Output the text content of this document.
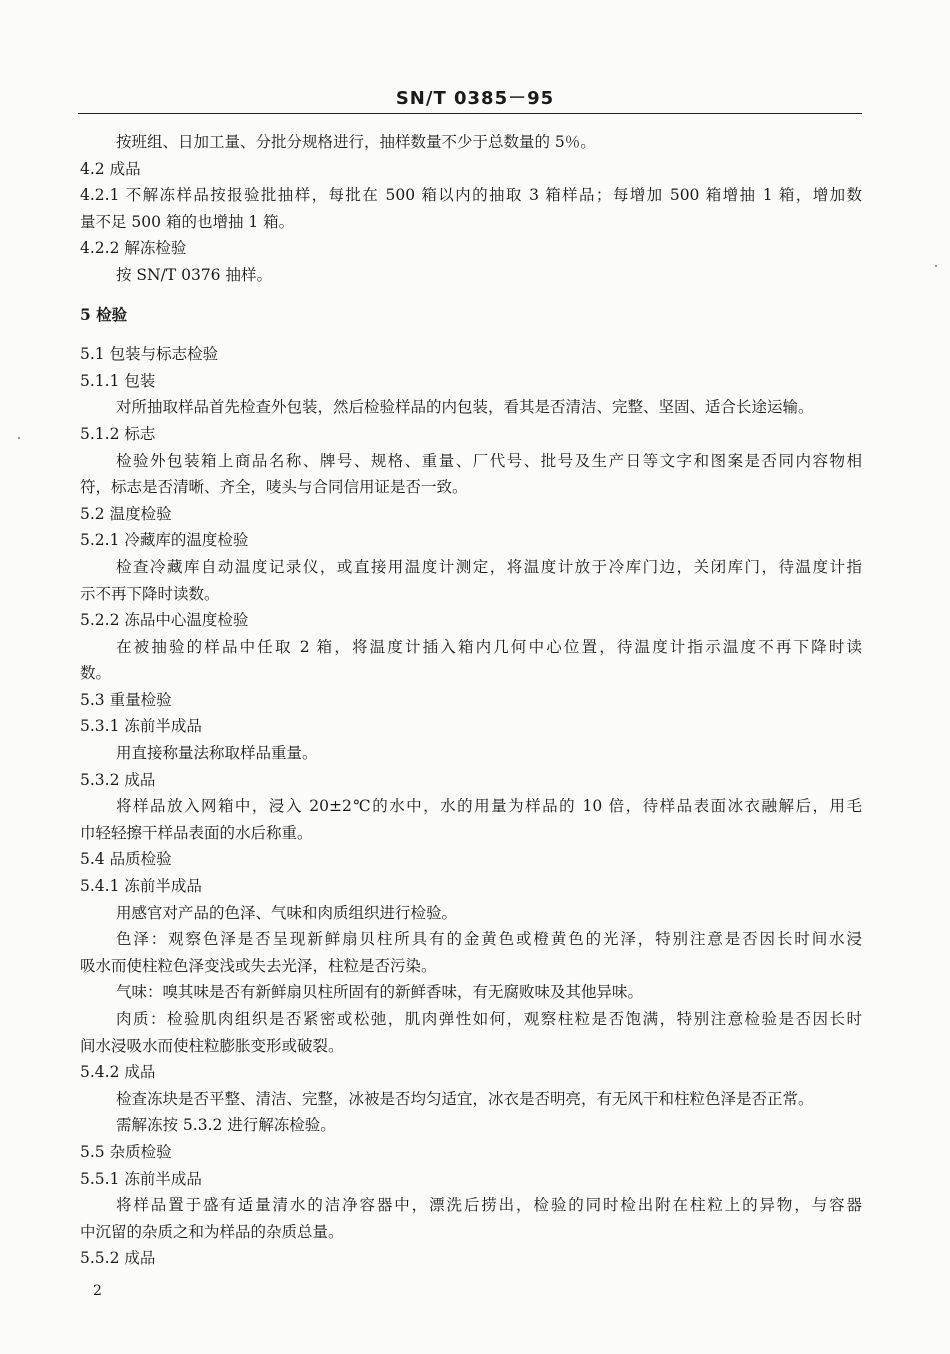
SN/T 0385－95
按班组、日加工量、分批分规格进行，抽样数量不少于总数量的 5％。
4.2 成品
4.2.1 不解冻样品按报验批抽样，每批在 500 箱以内的抽取 3 箱样品；每增加 500 箱增抽 1 箱，增加数
量不足 500 箱的也增抽 1 箱。
4.2.2 解冻检验
按 SN/T 0376 抽样。
5 检验
5.1 包装与标志检验
5.1.1 包装
对所抽取样品首先检查外包装，然后检验样品的内包装，看其是否清洁、完整、坚固、适合长途运输。
5.1.2 标志
检验外包装箱上商品名称、牌号、规格、重量、厂代号、批号及生产日等文字和图案是否同内容物相
符，标志是否清晰、齐全，唛头与合同信用证是否一致。
5.2 温度检验
5.2.1 冷藏库的温度检验
检查冷藏库自动温度记录仪，或直接用温度计测定，将温度计放于冷库门边，关闭库门，待温度计指
示不再下降时读数。
5.2.2 冻品中心温度检验
在被抽验的样品中任取 2 箱，将温度计插入箱内几何中心位置，待温度计指示温度不再下降时读
数。
5.3 重量检验
5.3.1 冻前半成品
用直接称量法称取样品重量。
5.3.2 成品
将样品放入网箱中，浸入 20±2℃的水中，水的用量为样品的 10 倍，待样品表面冰衣融解后，用毛
巾轻轻擦干样品表面的水后称重。
5.4 品质检验
5.4.1 冻前半成品
用感官对产品的色泽、气味和肉质组织进行检验。
色泽：观察色泽是否呈现新鲜扇贝柱所具有的金黄色或橙黄色的光泽，特别注意是否因长时间水浸
吸水而使柱粒色泽变浅或失去光泽，柱粒是否污染。
气味：嗅其味是否有新鲜扇贝柱所固有的新鲜香味，有无腐败味及其他异味。
肉质：检验肌肉组织是否紧密或松弛，肌肉弹性如何，观察柱粒是否饱满，特别注意检验是否因长时
间水浸吸水而使柱粒膨胀变形或破裂。
5.4.2 成品
检查冻块是否平整、清洁、完整，冰被是否均匀适宜，冰衣是否明亮，有无风干和柱粒色泽是否正常。
需解冻按 5.3.2 进行解冻检验。
5.5 杂质检验
5.5.1 冻前半成品
将样品置于盛有适量清水的洁净容器中，漂洗后捞出，检验的同时检出附在柱粒上的异物，与容器
中沉留的杂质之和为样品的杂质总量。
5.5.2 成品
2
